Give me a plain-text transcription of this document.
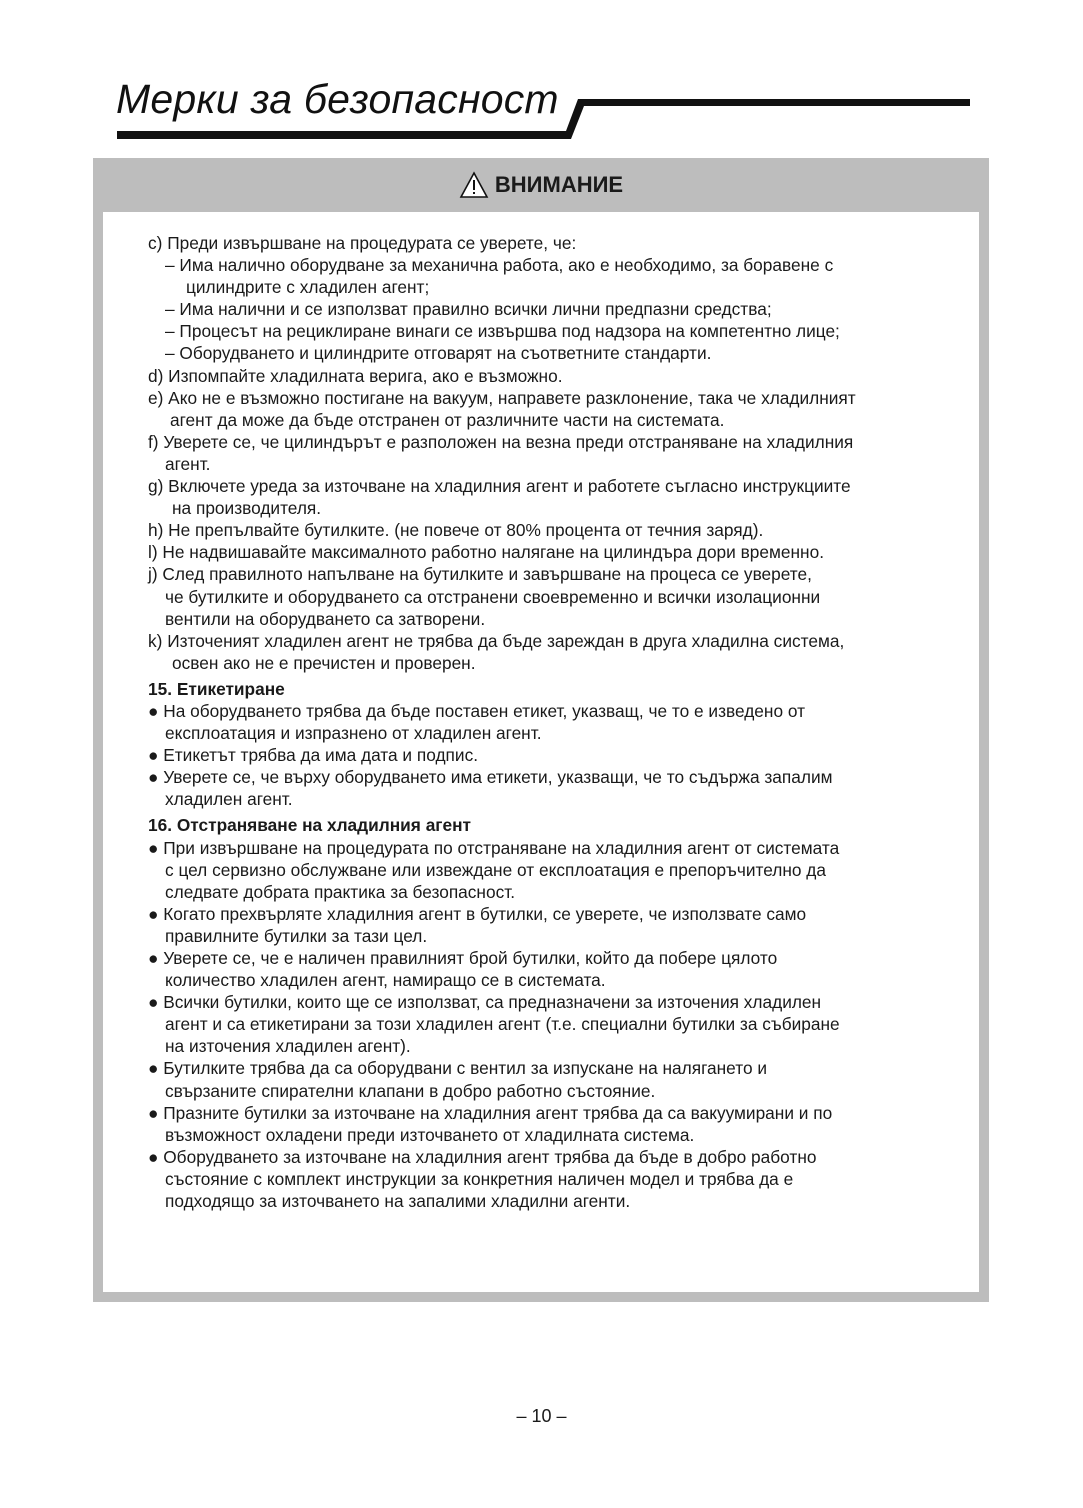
Мерки за безопасност
ВНИМАНИЕ
c) Преди извършване на процедурата се уверете, че:
– Има налично оборудване за механична работа, ако е необходимо, за боравене с
цилиндрите с хладилен агент;
– Има налични и се използват правилно всички лични предпазни средства;
– Процесът на рециклиране винаги се извършва под надзора на компетентно лице;
– Оборудването и цилиндрите отговарят на съответните стандарти.
d) Изпомпайте хладилната верига, ако е възможно.
e) Ако не е възможно постигане на вакуум, направете разклонение, така че хладилният
агент да може да бъде отстранен от различните части на системата.
f) Уверете се, че цилиндърът е разположен на везна преди отстраняване на хладилния
агент.
g) Включете уреда за източване на хладилния агент и работете съгласно инструкциите
на производителя.
h) Не препълвайте бутилките. (не повече от 80% процента от течния заряд).
l) Не надвишавайте максималното работно налягане на цилиндъра дори временно.
j) След правилното напълване на бутилките и завършване на процеса се уверете,
че бутилките и оборудването са отстранени своевременно и всички изолационни
вентили на оборудването са затворени.
k) Източеният хладилен агент не трябва да бъде зареждан в друга хладилна система,
освен ако не е пречистен и проверен.
15. Етикетиране
● На оборудването трябва да бъде поставен етикет, указващ, че то е изведено от
експлоатация и изпразнено от хладилен агент.
● Етикетът трябва да има дата и подпис.
● Уверете се, че върху оборудването има етикети, указващи, че то съдържа запалим
хладилен агент.
16. Отстраняване на хладилния агент
● При извършване на процедурата по отстраняване на хладилния агент от системата
с цел сервизно обслужване или извеждане от експлоатация е препоръчително да
следвате добрата практика за безопасност.
● Когато прехвърляте хладилния агент в бутилки, се уверете, че използвате само
правилните бутилки за тази цел.
● Уверете се, че е наличен правилният брой бутилки, който да побере цялото
количество хладилен агент, намиращо се в системата.
● Всички бутилки, които ще се използват, са предназначени за източения хладилен
агент и са етикетирани за този хладилен агент (т.е. специални бутилки за събиране
на източения хладилен агент).
● Бутилките трябва да са оборудвани с вентил за изпускане на налягането и
свързаните спирателни клапани в добро работно състояние.
● Празните бутилки за източване на хладилния агент трябва да са вакуумирани и по
възможност охладени преди източването от хладилната система.
● Оборудването за източване на хладилния агент трябва да бъде в добро работно
състояние с комплект инструкции за конкретния наличен модел и трябва да е
подходящо за източването на запалими хладилни агенти.
– 10 –
